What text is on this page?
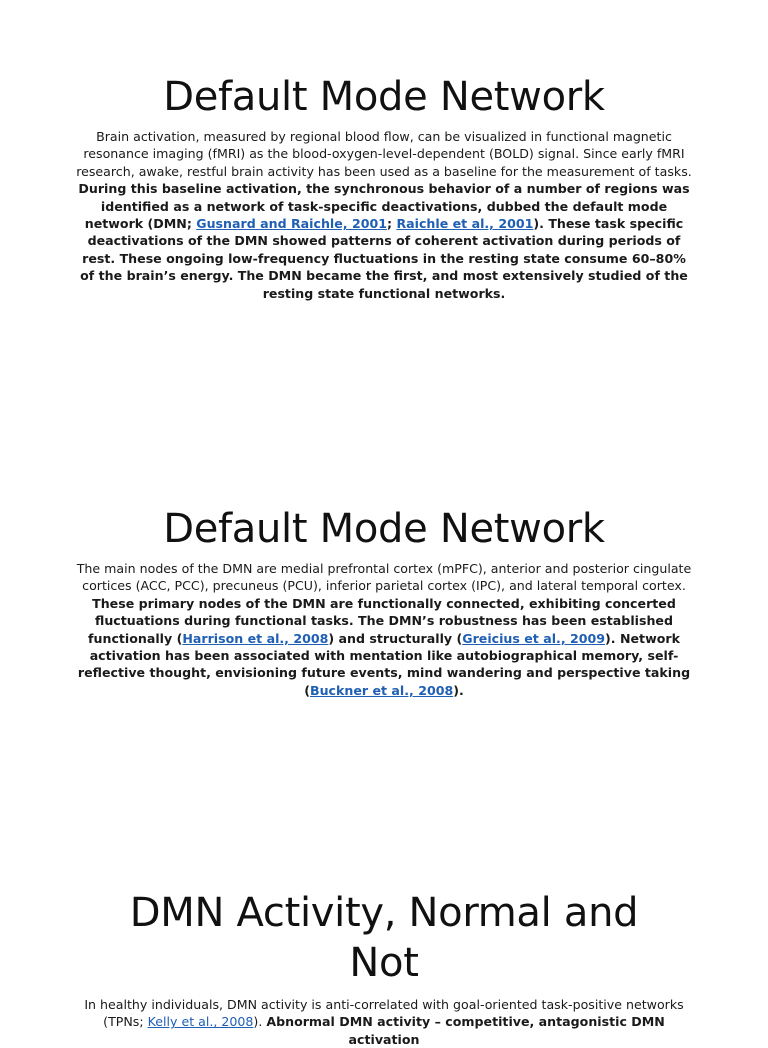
Default Mode Network

Brain activation, measured by regional blood flow, can be visualized in functional magnetic resonance imaging (fMRI) as the blood-oxygen-level-dependent (BOLD) signal. Since early fMRI research, awake, restful brain activity has been used as a baseline for the measurement of tasks. During this baseline activation, the synchronous behavior of a number of regions was identified as a network of task-specific deactivations, dubbed the default mode network (DMN; Gusnard and Raichle, 2001; Raichle et al., 2001). These task specific deactivations of the DMN showed patterns of coherent activation during periods of rest. These ongoing low-frequency fluctuations in the resting state consume 60–80% of the brain’s energy. The DMN became the first, and most extensively studied of the resting state functional networks.

Default Mode Network

The main nodes of the DMN are medial prefrontal cortex (mPFC), anterior and posterior cingulate cortices (ACC, PCC), precuneus (PCU), inferior parietal cortex (IPC), and lateral temporal cortex. These primary nodes of the DMN are functionally connected, exhibiting concerted fluctuations during functional tasks. The DMN’s robustness has been established functionally (Harrison et al., 2008) and structurally (Greicius et al., 2009). Network activation has been associated with mentation like autobiographical memory, self-reflective thought, envisioning future events, mind wandering and perspective taking (Buckner et al., 2008).

DMN Activity, Normal and Not

In healthy individuals, DMN activity is anti-correlated with goal-oriented task-positive networks (TPNs; Kelly et al., 2008). Abnormal DMN activity – competitive, antagonistic DMN activation
